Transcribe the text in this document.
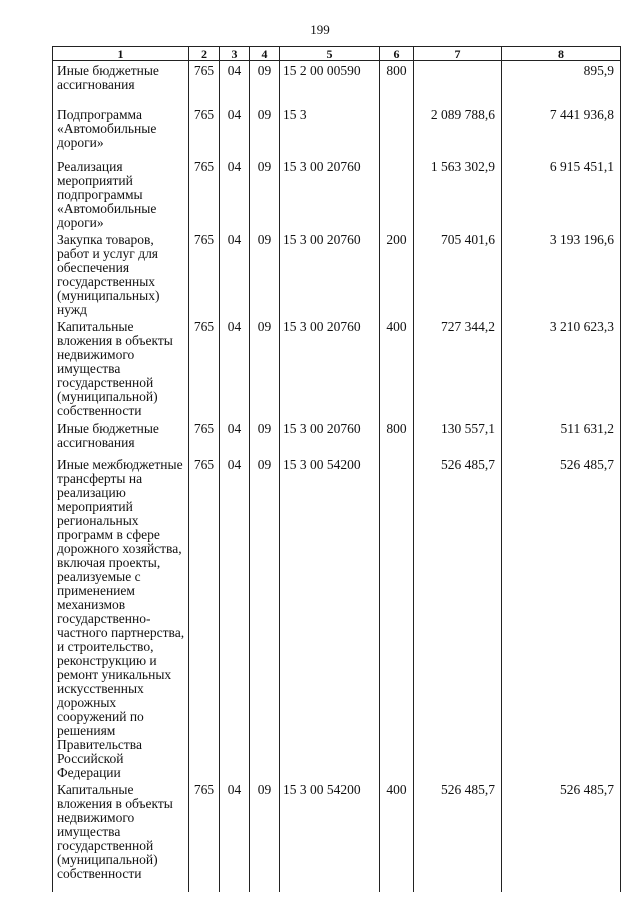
199
1	2	3	4	5	6	7	8
Иные бюджетные ассигнования	765	04	09	15 2 00 00590	800		895,9
Подпрограмма «Автомобильные дороги»	765	04	09	15 3		2 089 788,6	7 441 936,8
Реализация мероприятий подпрограммы «Автомобильные дороги»	765	04	09	15 3 00 20760		1 563 302,9	6 915 451,1
Закупка товаров, работ и услуг для обеспечения государственных (муниципальных) нужд	765	04	09	15 3 00 20760	200	705 401,6	3 193 196,6
Капитальные вложения в объекты недвижимого имущества государственной (муниципальной) собственности	765	04	09	15 3 00 20760	400	727 344,2	3 210 623,3
Иные бюджетные ассигнования	765	04	09	15 3 00 20760	800	130 557,1	511 631,2
Иные межбюджетные трансферты на реализацию мероприятий региональных программ в сфере дорожного хозяйства, включая проекты, реализуемые с применением механизмов государственно-частного партнерства, и строительство, реконструкцию и ремонт уникальных искусственных дорожных сооружений по решениям Правительства Российской Федерации	765	04	09	15 3 00 54200		526 485,7	526 485,7
Капитальные вложения в объекты недвижимого имущества государственной (муниципальной) собственности	765	04	09	15 3 00 54200	400	526 485,7	526 485,7
